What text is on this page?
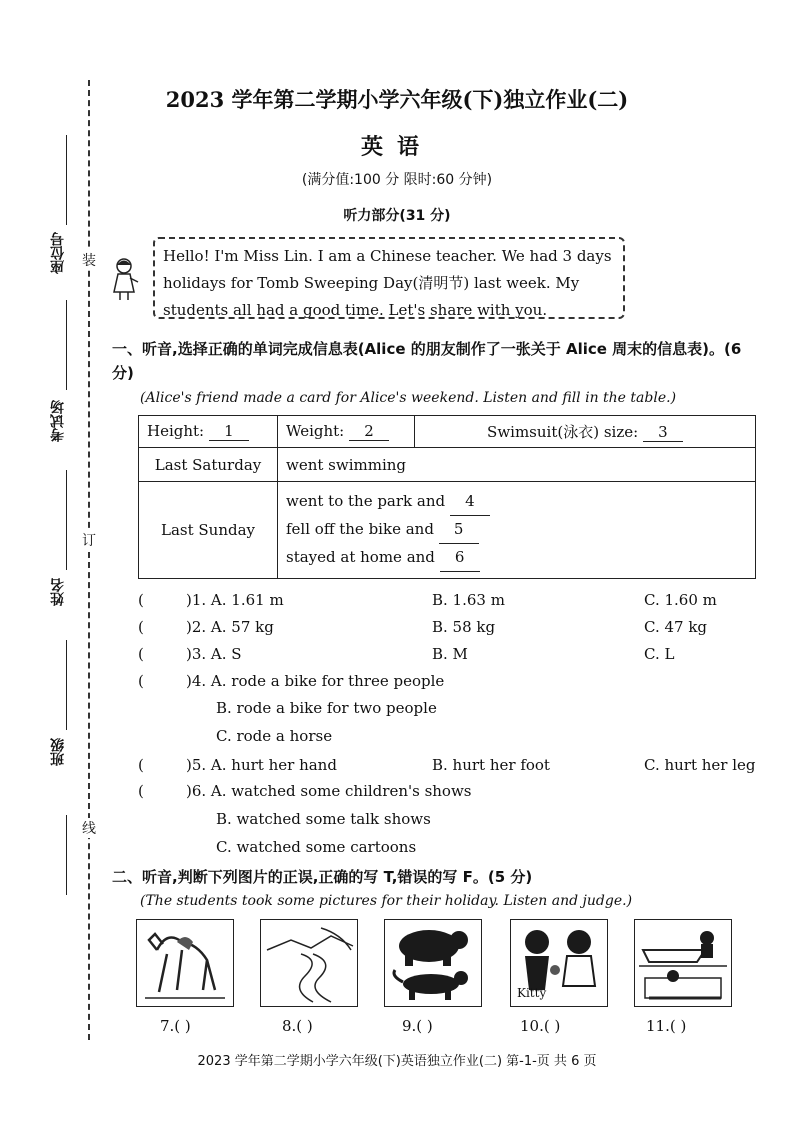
装
订
线
座位号
考试场
姓名
班级
2023 学年第二学期小学六年级(下)独立作业(二)
英语
(满分值:100 分 限时:60 分钟)
听力部分(31 分)
Hello! I'm Miss Lin. I am a Chinese teacher. We had 3 days holidays for Tomb Sweeping Day(清明节) last week. My students all had a good time. Let's share with you.
一、听音,选择正确的单词完成信息表(Alice 的朋友制作了一张关于 Alice 周末的信息表)。(6 分)
(Alice's friend made a card for Alice's weekend. Listen and fill in the table.)
Height: 1	Weight: 2	Swimsuit(泳衣) size: 3
Last Saturday	went swimming	
Last Sunday	went to the park and 4
fell off the bike and 5
stayed at home and 6	
(	)1. A. 1.61 m	B. 1.63 m	C. 1.60 m
(	)2. A. 57 kg	B. 58 kg	C. 47 kg
(	)3. A. S	B. M	C. L
(	)4. A. rode a bike for three people
B. rode a bike for two people
C. rode a horse
(	)5. A. hurt her hand	B. hurt her foot	C. hurt her leg
(	)6. A. watched some children's shows
B. watched some talk shows
C. watched some cartoons
二、听音,判断下列图片的正误,正确的写 T,错误的写 F。(5 分)
(The students took some pictures for their holiday. Listen and judge.)
Kitty
7.( )	8.( )	9.( )	10.( )	11.( )
2023 学年第二学期小学六年级(下)英语独立作业(二) 第-1-页 共 6 页
